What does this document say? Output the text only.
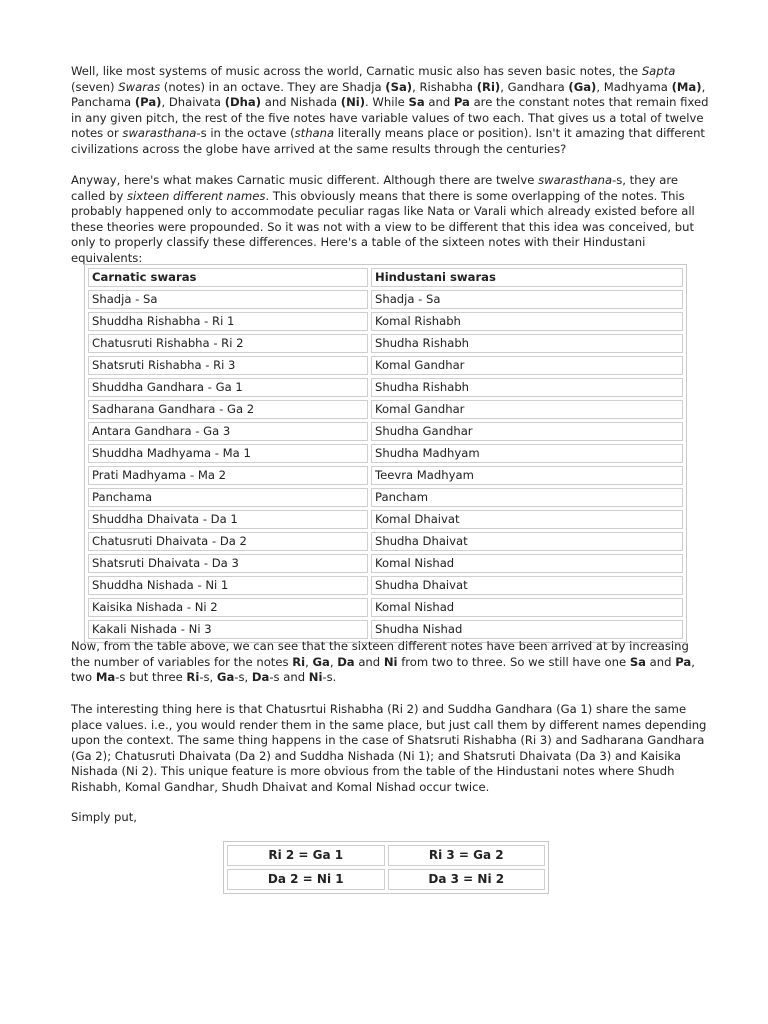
Well, like most systems of music across the world, Carnatic music also has seven basic notes, the Sapta (seven) Swaras (notes) in an octave. They are Shadja (Sa), Rishabha (Ri), Gandhara (Ga), Madhyama (Ma), Panchama (Pa), Dhaivata (Dha) and Nishada (Ni). While Sa and Pa are the constant notes that remain fixed in any given pitch, the rest of the five notes have variable values of two each. That gives us a total of twelve notes or swarasthana-s in the octave (sthana literally means place or position). Isn't it amazing that different civilizations across the globe have arrived at the same results through the centuries?

Anyway, here's what makes Carnatic music different. Although there are twelve swarasthana-s, they are called by sixteen different names. This obviously means that there is some overlapping of the notes. This probably happened only to accommodate peculiar ragas like Nata or Varali which already existed before all these theories were propounded. So it was not with a view to be different that this idea was conceived, but only to properly classify these differences. Here's a table of the sixteen notes with their Hindustani equivalents:

Carnatic swaras	Hindustani swaras
Shadja - Sa	Shadja - Sa
Shuddha Rishabha - Ri 1	Komal Rishabh
Chatusruti Rishabha - Ri 2	Shudha Rishabh
Shatsruti Rishabha - Ri 3	Komal Gandhar
Shuddha Gandhara - Ga 1	Shudha Rishabh
Sadharana Gandhara - Ga 2	Komal Gandhar
Antara Gandhara - Ga 3	Shudha Gandhar
Shuddha Madhyama - Ma 1	Shudha Madhyam
Prati Madhyama - Ma 2	Teevra Madhyam
Panchama	Pancham
Shuddha Dhaivata - Da 1	Komal Dhaivat
Chatusruti Dhaivata - Da 2	Shudha Dhaivat
Shatsruti Dhaivata - Da 3	Komal Nishad
Shuddha Nishada - Ni 1	Shudha Dhaivat
Kaisika Nishada - Ni 2	Komal Nishad
Kakali Nishada - Ni 3	Shudha Nishad

Now, from the table above, we can see that the sixteen different notes have been arrived at by increasing the number of variables for the notes Ri, Ga, Da and Ni from two to three. So we still have one Sa and Pa, two Ma-s but three Ri-s, Ga-s, Da-s and Ni-s.

The interesting thing here is that Chatusrtui Rishabha (Ri 2) and Suddha Gandhara (Ga 1) share the same place values. i.e., you would render them in the same place, but just call them by different names depending upon the context. The same thing happens in the case of Shatsruti Rishabha (Ri 3) and Sadharana Gandhara (Ga 2); Chatusruti Dhaivata (Da 2) and Suddha Nishada (Ni 1); and Shatsruti Dhaivata (Da 3) and Kaisika Nishada (Ni 2). This unique feature is more obvious from the table of the Hindustani notes where Shudh Rishabh, Komal Gandhar, Shudh Dhaivat and Komal Nishad occur twice.

Simply put,

Ri 2 = Ga 1	Ri 3 = Ga 2
Da 2 = Ni 1	Da 3 = Ni 2
